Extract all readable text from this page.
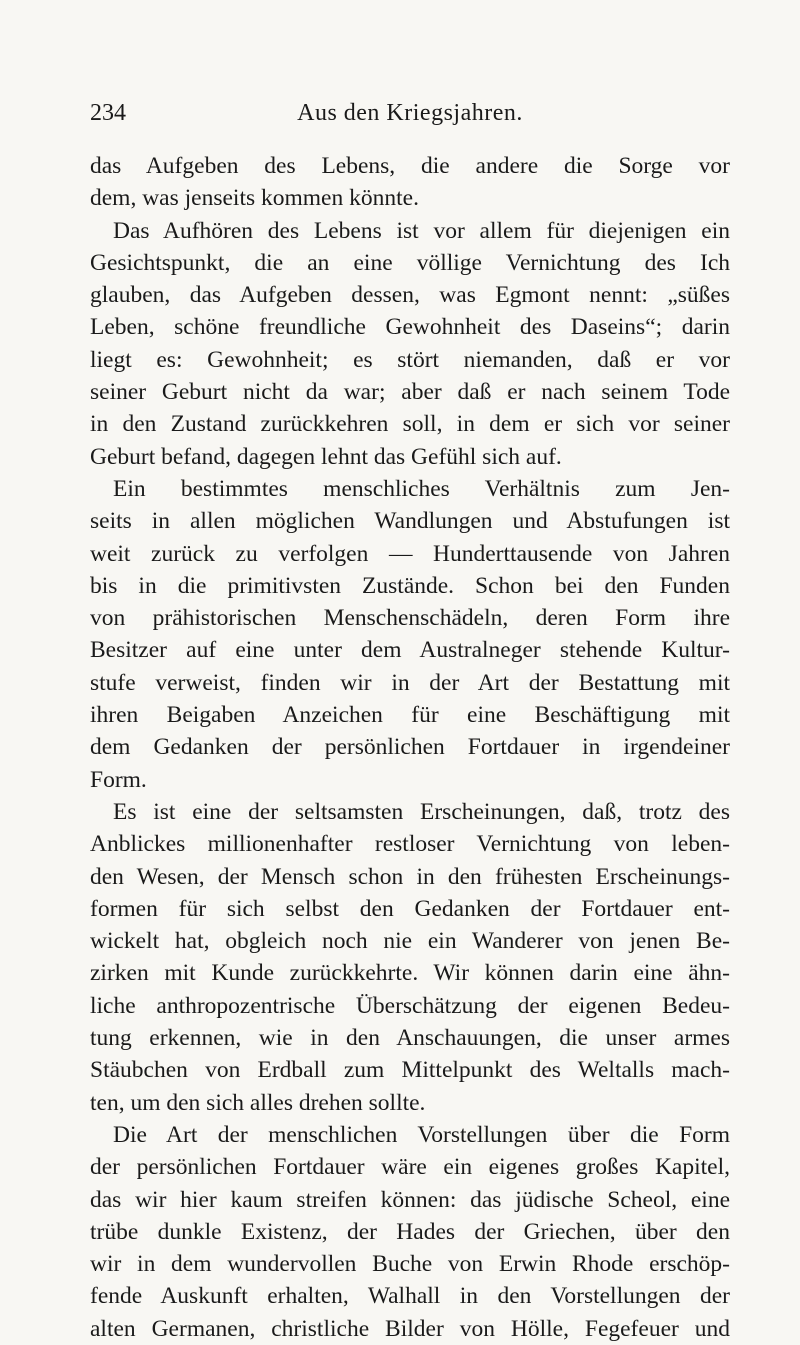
234	Aus den Kriegsjahren.
das Aufgeben des Lebens, die andere die Sorge vor
dem, was jenseits kommen könnte.
Das Aufhören des Lebens ist vor allem für diejenigen ein
Gesichtspunkt, die an eine völlige Vernichtung des Ich
glauben, das Aufgeben dessen, was Egmont nennt: „süßes
Leben, schöne freundliche Gewohnheit des Daseins“; darin
liegt es: Gewohnheit; es stört niemanden, daß er vor
seiner Geburt nicht da war; aber daß er nach seinem Tode
in den Zustand zurückkehren soll, in dem er sich vor seiner
Geburt befand, dagegen lehnt das Gefühl sich auf.
Ein bestimmtes menschliches Verhältnis zum Jen-
seits in allen möglichen Wandlungen und Abstufungen ist
weit zurück zu verfolgen — Hunderttausende von Jahren
bis in die primitivsten Zustände. Schon bei den Funden
von prähistorischen Menschenschädeln, deren Form ihre
Besitzer auf eine unter dem Australneger stehende Kultur-
stufe verweist, finden wir in der Art der Bestattung mit
ihren Beigaben Anzeichen für eine Beschäftigung mit
dem Gedanken der persönlichen Fortdauer in irgendeiner
Form.
Es ist eine der seltsamsten Erscheinungen, daß, trotz des
Anblickes millionenhafter restloser Vernichtung von leben-
den Wesen, der Mensch schon in den frühesten Erscheinungs-
formen für sich selbst den Gedanken der Fortdauer ent-
wickelt hat, obgleich noch nie ein Wanderer von jenen Be-
zirken mit Kunde zurückkehrte. Wir können darin eine ähn-
liche anthropozentrische Überschätzung der eigenen Bedeu-
tung erkennen, wie in den Anschauungen, die unser armes
Stäubchen von Erdball zum Mittelpunkt des Weltalls mach-
ten, um den sich alles drehen sollte.
Die Art der menschlichen Vorstellungen über die Form
der persönlichen Fortdauer wäre ein eigenes großes Kapitel,
das wir hier kaum streifen können: das jüdische Scheol, eine
trübe dunkle Existenz, der Hades der Griechen, über den
wir in dem wundervollen Buche von Erwin Rhode erschöp-
fende Auskunft erhalten, Walhall in den Vorstellungen der
alten Germanen, christliche Bilder von Hölle, Fegefeuer und
